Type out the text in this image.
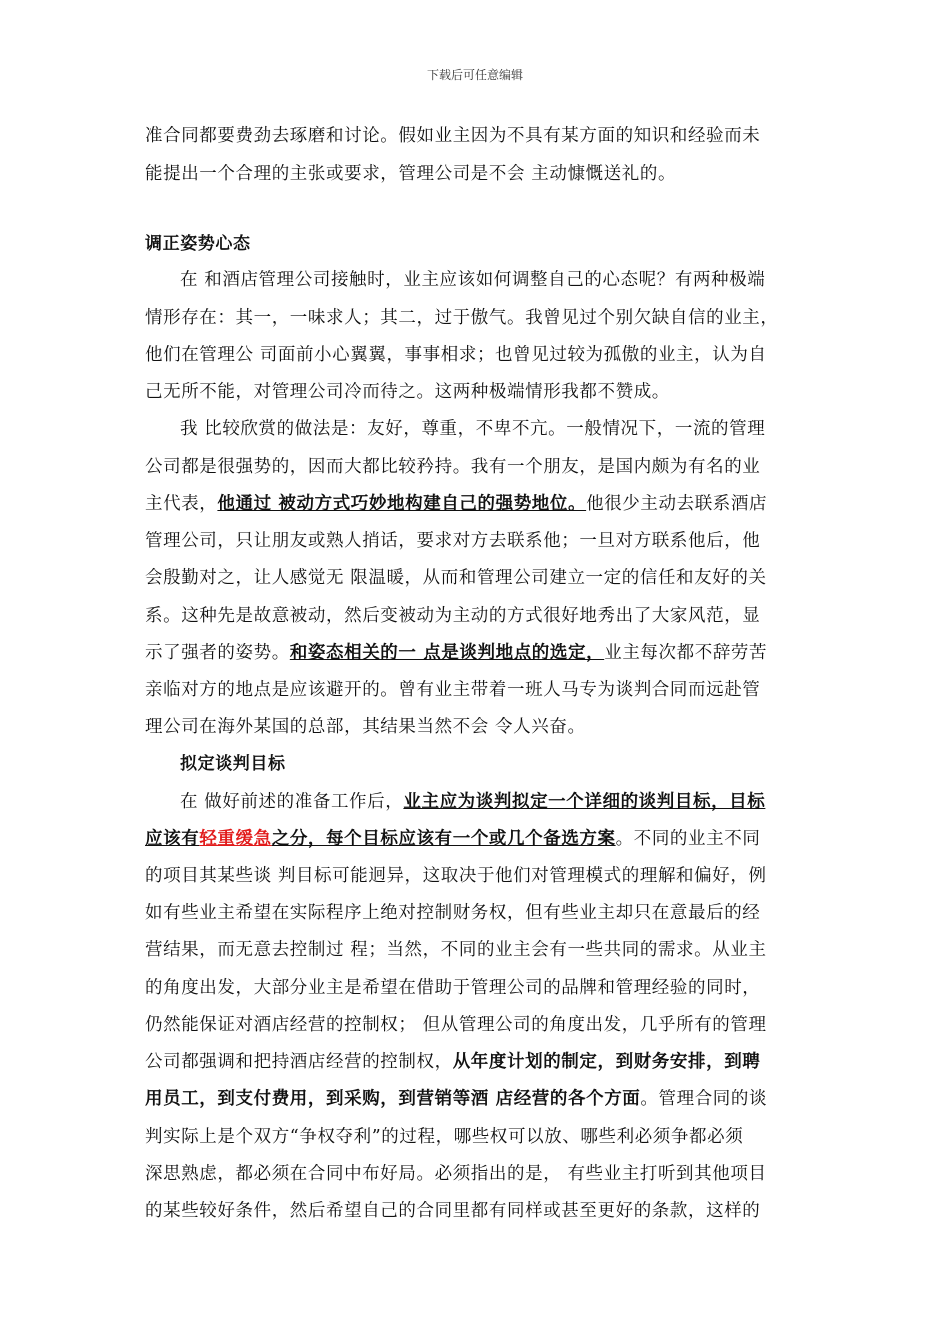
下载后可任意编辑
准合同都要费劲去琢磨和讨论。假如业主因为不具有某方面的知识和经验而未
能提出一个合理的主张或要求，管理公司是不会 主动慷慨送礼的。
调正姿势心态
在 和酒店管理公司接触时，业主应该如何调整自己的心态呢？有两种极端
情形存在：其一，一味求人；其二，过于傲气。我曾见过个别欠缺自信的业主，
他们在管理公 司面前小心翼翼，事事相求；也曾见过较为孤傲的业主，认为自
己无所不能，对管理公司冷而待之。这两种极端情形我都不赞成。
我 比较欣赏的做法是：友好，尊重，不卑不亢。一般情况下，一流的管理
公司都是很强势的，因而大都比较矜持。我有一个朋友，是国内颇为有名的业
主代表，他通过 被动方式巧妙地构建自己的强势地位。他很少主动去联系酒店
管理公司，只让朋友或熟人捎话，要求对方去联系他；一旦对方联系他后，他
会殷勤对之，让人感觉无 限温暖，从而和管理公司建立一定的信任和友好的关
系。这种先是故意被动，然后变被动为主动的方式很好地秀出了大家风范，显
示了强者的姿势。和姿态相关的一 点是谈判地点的选定，业主每次都不辞劳苦
亲临对方的地点是应该避开的。曾有业主带着一班人马专为谈判合同而远赴管
理公司在海外某国的总部，其结果当然不会 令人兴奋。
拟定谈判目标
在 做好前述的准备工作后，业主应为谈判拟定一个详细的谈判目标，目标
应该有轻重缓急之分，每个目标应该有一个或几个备选方案。不同的业主不同
的项目其某些谈 判目标可能迥异，这取决于他们对管理模式的理解和偏好，例
如有些业主希望在实际程序上绝对控制财务权，但有些业主却只在意最后的经
营结果，而无意去控制过 程；当然，不同的业主会有一些共同的需求。从业主
的角度出发，大部分业主是希望在借助于管理公司的品牌和管理经验的同时，
仍然能保证对酒店经营的控制权； 但从管理公司的角度出发，几乎所有的管理
公司都强调和把持酒店经营的控制权，从年度计划的制定，到财务安排，到聘
用员工，到支付费用，到采购，到营销等酒 店经营的各个方面。管理合同的谈
判实际上是个双方“争权夺利”的过程，哪些权可以放、哪些利必须争都必须
深思熟虑，都必须在合同中布好局。必须指出的是， 有些业主打听到其他项目
的某些较好条件，然后希望自己的合同里都有同样或甚至更好的条款，这样的
